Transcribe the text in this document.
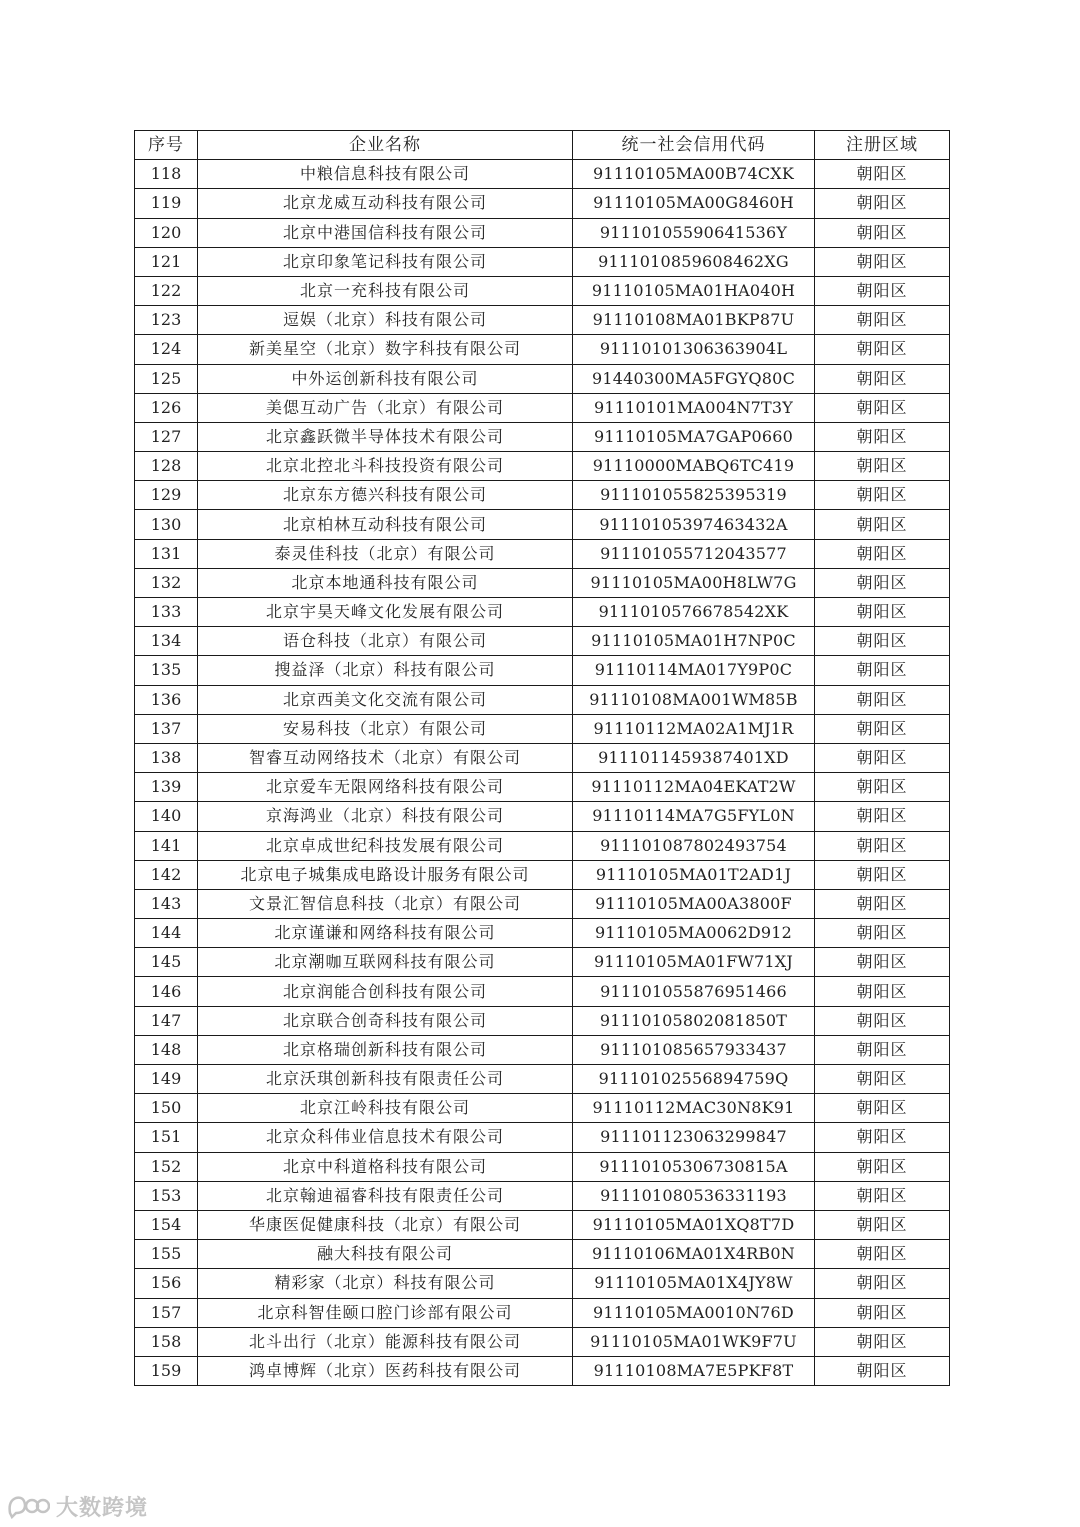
序号	企业名称	统一社会信用代码	注册区域
118	中粮信息科技有限公司	91110105MA00B74CXK	朝阳区
119	北京龙威互动科技有限公司	91110105MA00G8460H	朝阳区
120	北京中港国信科技有限公司	91110105590641536Y	朝阳区
121	北京印象笔记科技有限公司	9111010859608462XG	朝阳区
122	北京一充科技有限公司	91110105MA01HA040H	朝阳区
123	逗娱（北京）科技有限公司	91110108MA01BKP87U	朝阳区
124	新美星空（北京）数字科技有限公司	91110101306363904L	朝阳区
125	中外运创新科技有限公司	91440300MA5FGYQ80C	朝阳区
126	美偲互动广告（北京）有限公司	91110101MA004N7T3Y	朝阳区
127	北京鑫跃微半导体技术有限公司	91110105MA7GAP0660	朝阳区
128	北京北控北斗科技投资有限公司	91110000MABQ6TC419	朝阳区
129	北京东方德兴科技有限公司	911101055825395319	朝阳区
130	北京柏林互动科技有限公司	91110105397463432A	朝阳区
131	泰灵佳科技（北京）有限公司	911101055712043577	朝阳区
132	北京本地通科技有限公司	91110105MA00H8LW7G	朝阳区
133	北京宇昊天峰文化发展有限公司	9111010576678542XK	朝阳区
134	语仓科技（北京）有限公司	91110105MA01H7NP0C	朝阳区
135	搜益泽（北京）科技有限公司	91110114MA017Y9P0C	朝阳区
136	北京西美文化交流有限公司	91110108MA001WM85B	朝阳区
137	安易科技（北京）有限公司	91110112MA02A1MJ1R	朝阳区
138	智睿互动网络技术（北京）有限公司	9111011459387401XD	朝阳区
139	北京爱车无限网络科技有限公司	91110112MA04EKAT2W	朝阳区
140	京海鸿业（北京）科技有限公司	91110114MA7G5FYL0N	朝阳区
141	北京卓成世纪科技发展有限公司	911101087802493754	朝阳区
142	北京电子城集成电路设计服务有限公司	91110105MA01T2AD1J	朝阳区
143	文景汇智信息科技（北京）有限公司	91110105MA00A3800F	朝阳区
144	北京谨谦和网络科技有限公司	91110105MA0062D912	朝阳区
145	北京潮咖互联网科技有限公司	91110105MA01FW71XJ	朝阳区
146	北京润能合创科技有限公司	911101055876951466	朝阳区
147	北京联合创奇科技有限公司	91110105802081850T	朝阳区
148	北京格瑞创新科技有限公司	911101085657933437	朝阳区
149	北京沃琪创新科技有限责任公司	91110102556894759Q	朝阳区
150	北京江岭科技有限公司	91110112MAC30N8K91	朝阳区
151	北京众科伟业信息技术有限公司	911101123063299847	朝阳区
152	北京中科道格科技有限公司	91110105306730815A	朝阳区
153	北京翰迪福睿科技有限责任公司	911101080536331193	朝阳区
154	华康医促健康科技（北京）有限公司	91110105MA01XQ8T7D	朝阳区
155	融大科技有限公司	91110106MA01X4RB0N	朝阳区
156	精彩家（北京）科技有限公司	91110105MA01X4JY8W	朝阳区
157	北京科智佳颐口腔门诊部有限公司	91110105MA0010N76D	朝阳区
158	北斗出行（北京）能源科技有限公司	91110105MA01WK9F7U	朝阳区
159	鸿卓博辉（北京）医药科技有限公司	91110108MA7E5PKF8T	朝阳区
大数跨境
